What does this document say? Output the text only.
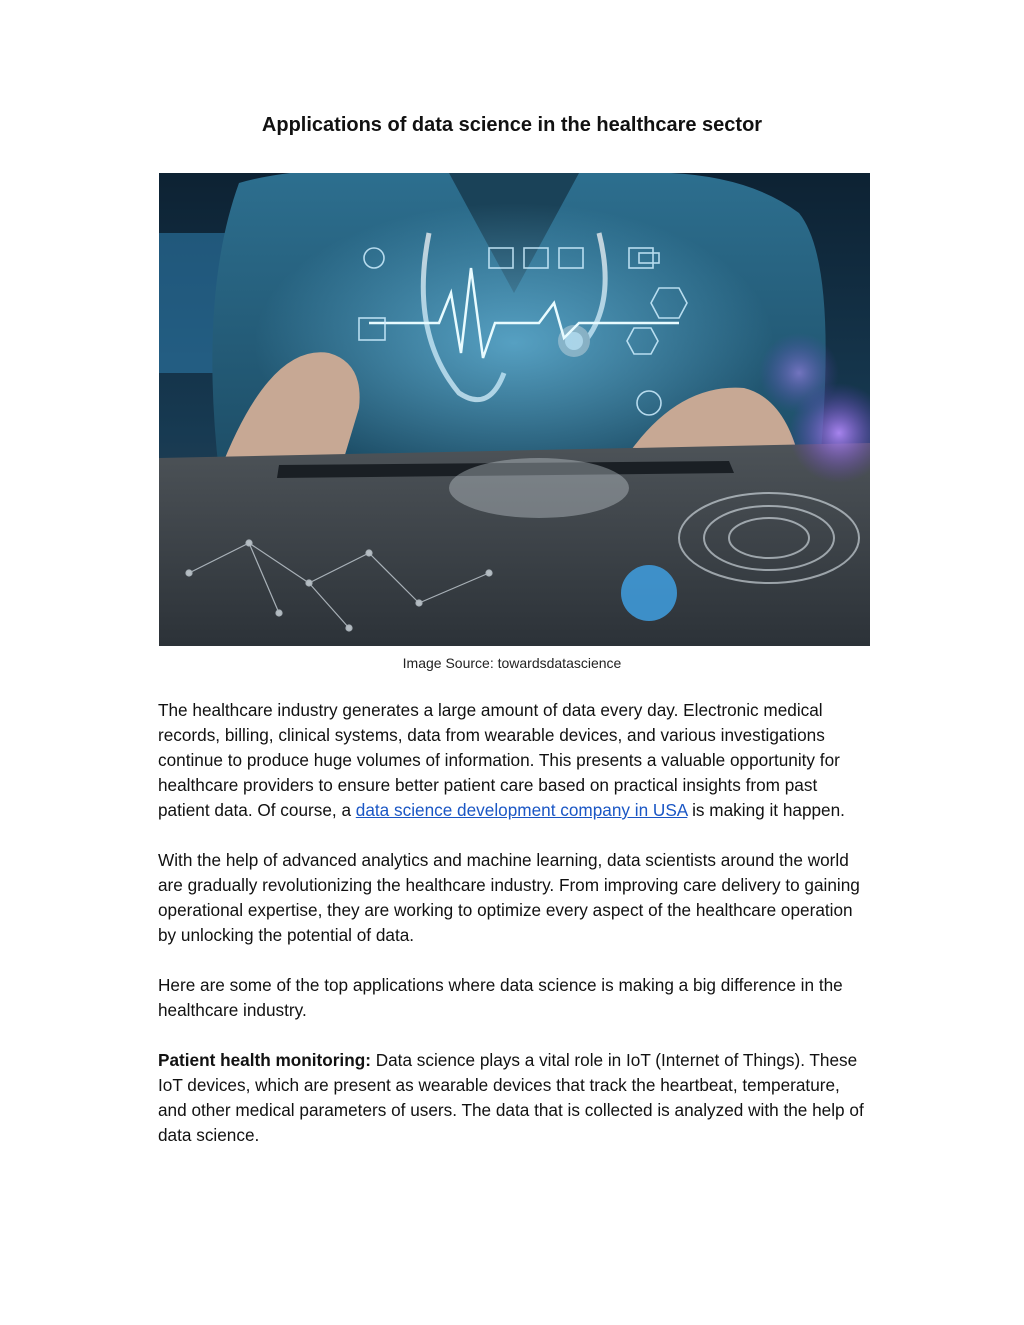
Applications of data science in the healthcare sector
Image Source: towardsdatascience

The healthcare industry generates a large amount of data every day. Electronic medical records, billing, clinical systems, data from wearable devices, and various investigations continue to produce huge volumes of information. This presents a valuable opportunity for healthcare providers to ensure better patient care based on practical insights from past patient data. Of course, a data science development company in USA is making it happen.

With the help of advanced analytics and machine learning, data scientists around the world are gradually revolutionizing the healthcare industry. From improving care delivery to gaining operational expertise, they are working to optimize every aspect of the healthcare operation by unlocking the potential of data.

Here are some of the top applications where data science is making a big difference in the healthcare industry.

Patient health monitoring: Data science plays a vital role in IoT (Internet of Things). These IoT devices, which are present as wearable devices that track the heartbeat, temperature, and other medical parameters of users. The data that is collected is analyzed with the help of data science.
